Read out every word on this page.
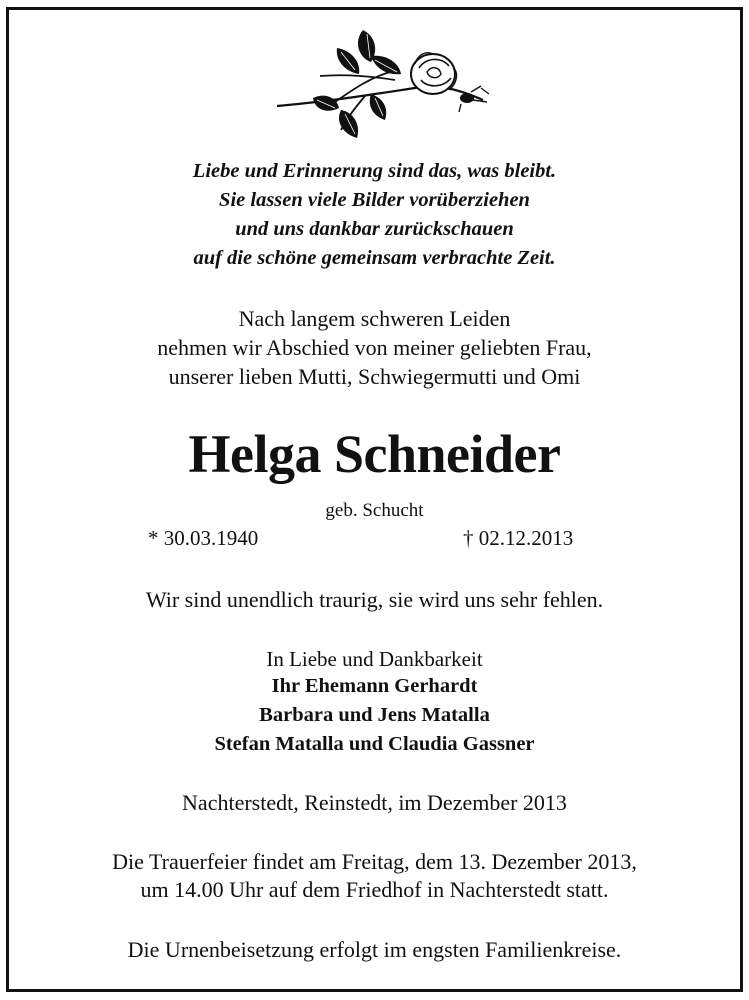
Liebe und Erinnerung sind das, was bleibt.
Sie lassen viele Bilder vorüberziehen
und uns dankbar zurückschauen
auf die schöne gemeinsam verbrachte Zeit.
Nach langem schweren Leiden
nehmen wir Abschied von meiner geliebten Frau,
unserer lieben Mutti, Schwiegermutti und Omi
Helga Schneider
geb. Schucht
* 30.03.1940	† 02.12.2013
Wir sind unendlich traurig, sie wird uns sehr fehlen.
In Liebe und Dankbarkeit
Ihr Ehemann Gerhardt
Barbara und Jens Matalla
Stefan Matalla und Claudia Gassner
Nachterstedt, Reinstedt, im Dezember 2013
Die Trauerfeier findet am Freitag, dem 13. Dezember 2013,
um 14.00 Uhr auf dem Friedhof in Nachterstedt statt.
Die Urnenbeisetzung erfolgt im engsten Familienkreise.
